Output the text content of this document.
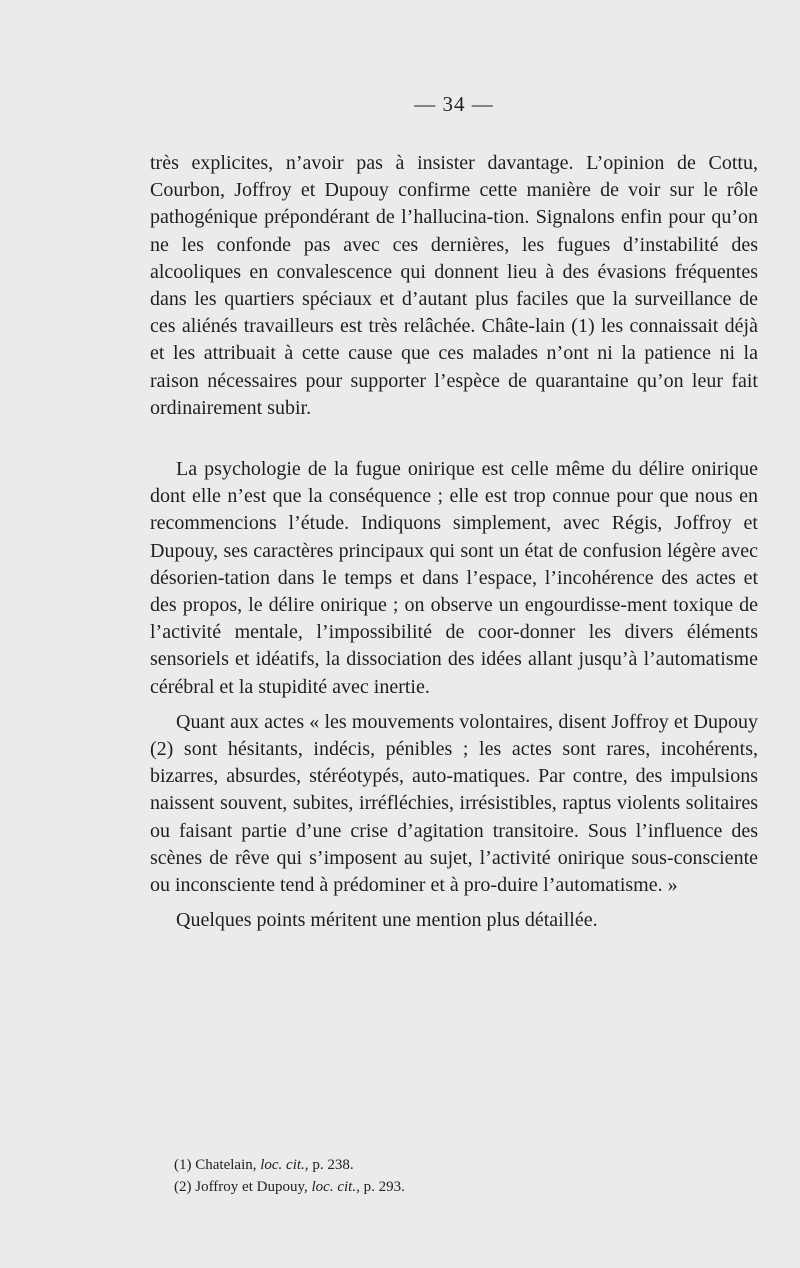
— 34 —

très explicites, n’avoir pas à insister davantage. L’opinion de Cottu, Courbon, Joffroy et Dupouy confirme cette manière de voir sur le rôle pathogénique prépondérant de l’hallucina-tion. Signalons enfin pour qu’on ne les confonde pas avec ces dernières, les fugues d’instabilité des alcooliques en convalescence qui donnent lieu à des évasions fréquentes dans les quartiers spéciaux et d’autant plus faciles que la surveillance de ces aliénés travailleurs est très relâchée. Châte-lain (1) les connaissait déjà et les attribuait à cette cause que ces malades n’ont ni la patience ni la raison nécessaires pour supporter l’espèce de quarantaine qu’on leur fait ordinairement subir.

La psychologie de la fugue onirique est celle même du délire onirique dont elle n’est que la conséquence ; elle est trop connue pour que nous en recommencions l’étude. Indiquons simplement, avec Régis, Joffroy et Dupouy, ses caractères principaux qui sont un état de confusion légère avec désorien-tation dans le temps et dans l’espace, l’incohérence des actes et des propos, le délire onirique ; on observe un engourdisse-ment toxique de l’activité mentale, l’impossibilité de coor-donner les divers éléments sensoriels et idéatifs, la dissociation des idées allant jusqu’à l’automatisme cérébral et la stupidité avec inertie.

Quant aux actes « les mouvements volontaires, disent Joffroy et Dupouy (2) sont hésitants, indécis, pénibles ; les actes sont rares, incohérents, bizarres, absurdes, stéréotypés, auto-matiques. Par contre, des impulsions naissent souvent, subites, irréfléchies, irrésistibles, raptus violents solitaires ou faisant partie d’une crise d’agitation transitoire. Sous l’influence des scènes de rêve qui s’imposent au sujet, l’activité onirique sous-consciente ou inconsciente tend à prédominer et à pro-duire l’automatisme. »

Quelques points méritent une mention plus détaillée.

(1) Chatelain, loc. cit., p. 238.

(2) Joffroy et Dupouy, loc. cit., p. 293.
